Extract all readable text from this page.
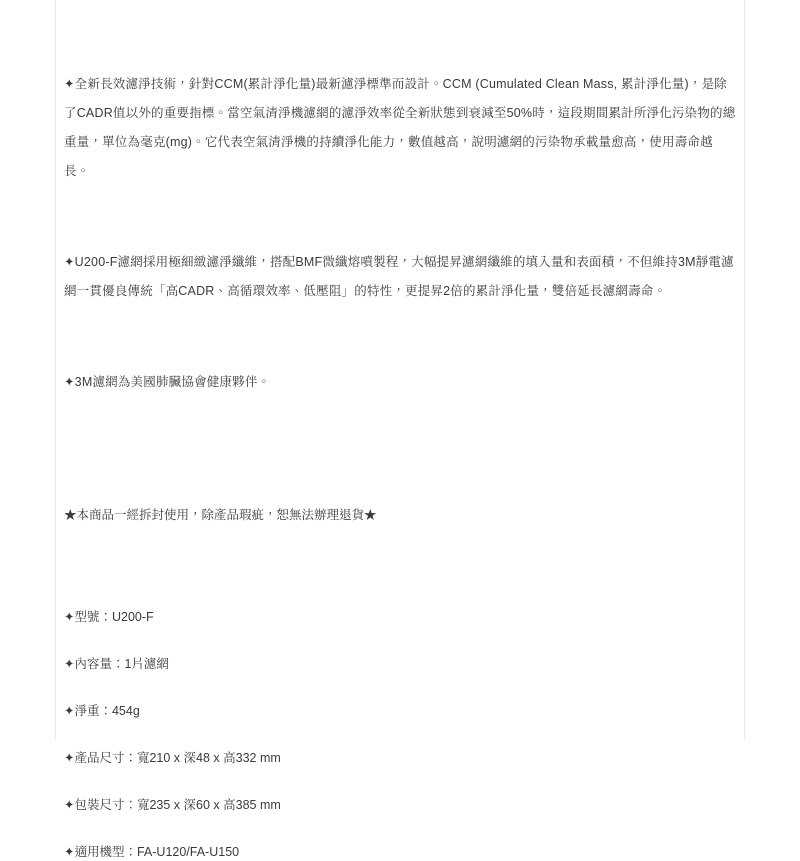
✦全新長效濾淨技術，針對CCM(累計淨化量)最新濾淨標準而設計。CCM (Cumulated Clean Mass, 累計淨化量)，是除了CADR值以外的重要指標。當空氣清淨機濾網的濾淨效率從全新狀態到衰減至50%時，這段期間累計所淨化污染物的總重量，單位為毫克(mg)。它代表空氣清淨機的持續淨化能力，數值越高，說明濾網的污染物承載量愈高，使用壽命越長。

✦U200-F濾網採用極細緻濾淨纖維，搭配BMF微纖熔噴製程，大幅提昇濾網纖維的填入量和表面積，不但維持3M靜電濾網一貫優良傳統「高CADR、高循環效率、低壓阻」的特性，更提昇2倍的累計淨化量，雙倍延長濾網壽命。

✦3M濾網為美國肺臟協會健康夥伴。

★本商品一經拆封使用，除產品瑕疵，恕無法辦理退貨★

✦型號：U200-F

✦內容量：1片濾網

✦淨重：454g

✦產品尺寸：寬210 x 深48 x 高332 mm

✦包裝尺寸：寬235 x 深60 x 高385 mm

✦適用機型：FA-U120/FA-U150
